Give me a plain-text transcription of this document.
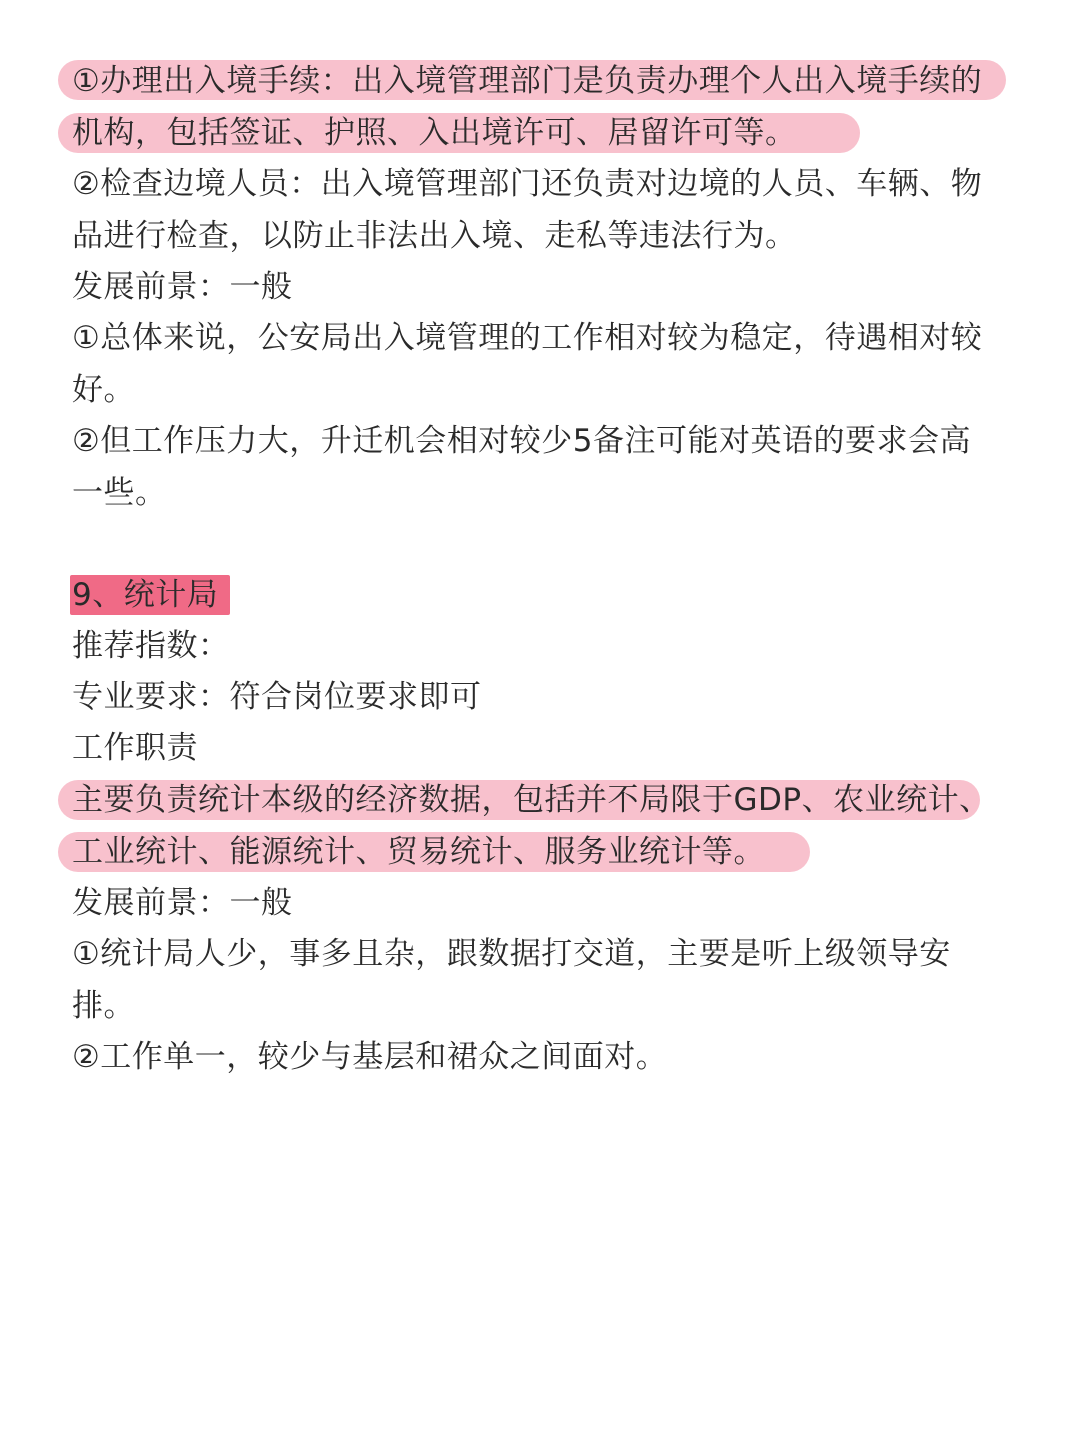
①办理出入境手续：出入境管理部门是负责办理个人出入境手续的
机构，包括签证、护照、入出境许可、居留许可等。
②检查边境人员：出入境管理部门还负责对边境的人员、车辆、物
品进行检查，以防止非法出入境、走私等违法行为。
发展前景：一般
①总体来说，公安局出入境管理的工作相对较为稳定，待遇相对较
好。
②但工作压力大，升迁机会相对较少5备注可能对英语的要求会高
一些。
9、统计局
推荐指数：
专业要求：符合岗位要求即可
工作职责
主要负责统计本级的经济数据，包括并不局限于GDP、农业统计、
工业统计、能源统计、贸易统计、服务业统计等。
发展前景：一般
①统计局人少，事多且杂，跟数据打交道，主要是听上级领导安
排。
②工作单一，较少与基层和裙众之间面对。
